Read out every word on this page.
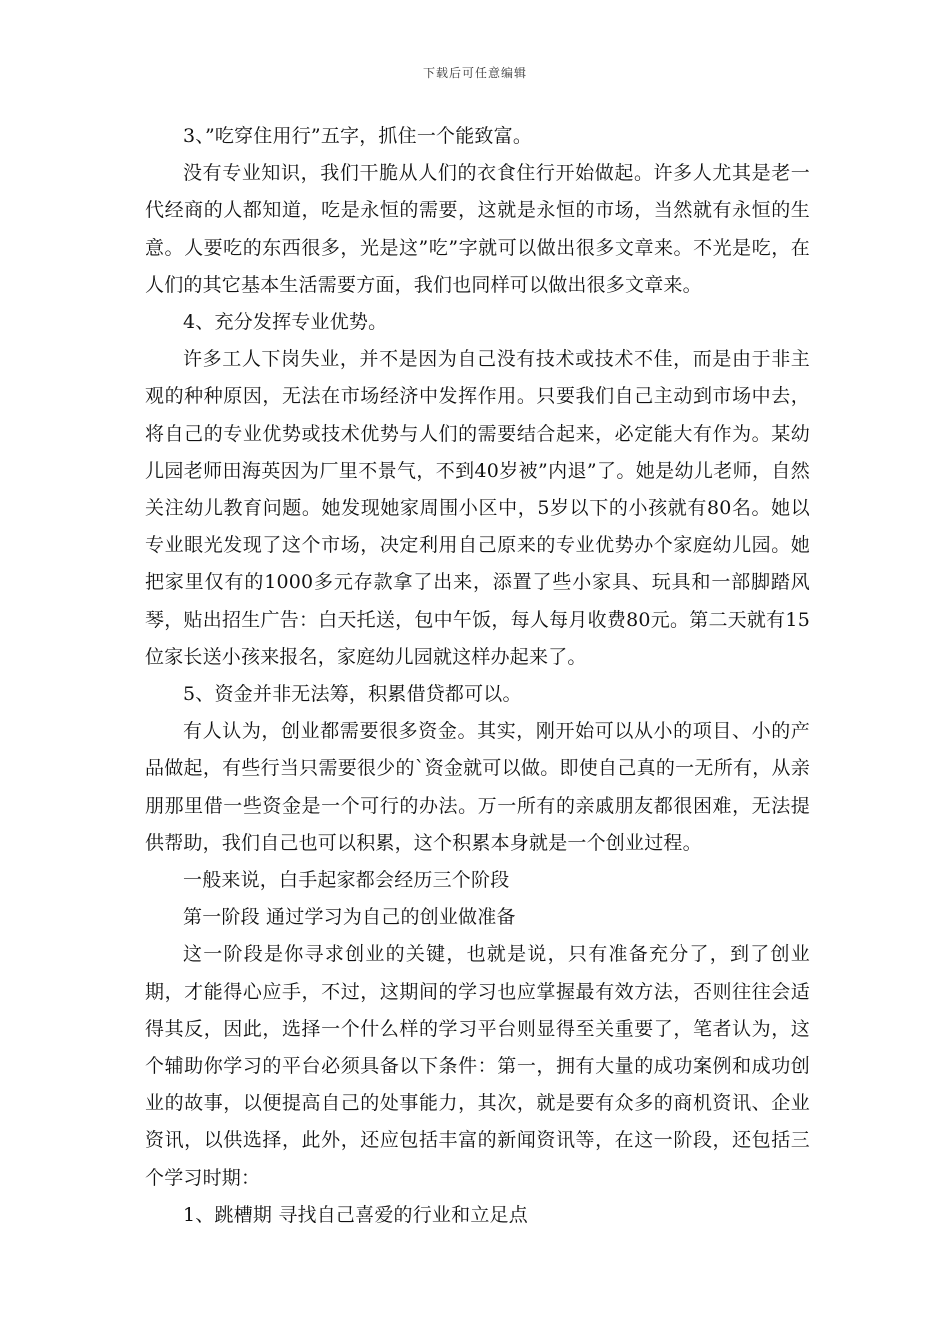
下载后可任意编辑

3、”吃穿住用行”五字，抓住一个能致富。

没有专业知识，我们干脆从人们的衣食住行开始做起。许多人尤其是老一代经商的人都知道，吃是永恒的需要，这就是永恒的市场，当然就有永恒的生意。人要吃的东西很多，光是这”吃”字就可以做出很多文章来。不光是吃，在人们的其它基本生活需要方面，我们也同样可以做出很多文章来。

4、充分发挥专业优势。

许多工人下岗失业，并不是因为自己没有技术或技术不佳，而是由于非主观的种种原因，无法在市场经济中发挥作用。只要我们自己主动到市场中去，将自己的专业优势或技术优势与人们的需要结合起来，必定能大有作为。某幼儿园老师田海英因为厂里不景气，不到40岁被”内退”了。她是幼儿老师，自然关注幼儿教育问题。她发现她家周围小区中，5岁以下的小孩就有80名。她以专业眼光发现了这个市场，决定利用自己原来的专业优势办个家庭幼儿园。她把家里仅有的1000多元存款拿了出来，添置了些小家具、玩具和一部脚踏风琴，贴出招生广告：白天托送，包中午饭，每人每月收费80元。第二天就有15位家长送小孩来报名，家庭幼儿园就这样办起来了。

5、资金并非无法筹，积累借贷都可以。

有人认为，创业都需要很多资金。其实，刚开始可以从小的项目、小的产品做起，有些行当只需要很少的`资金就可以做。即使自己真的一无所有，从亲朋那里借一些资金是一个可行的办法。万一所有的亲戚朋友都很困难，无法提供帮助，我们自己也可以积累，这个积累本身就是一个创业过程。

一般来说，白手起家都会经历三个阶段

第一阶段 通过学习为自己的创业做准备

这一阶段是你寻求创业的关键，也就是说，只有准备充分了，到了创业期，才能得心应手，不过，这期间的学习也应掌握最有效方法，否则往往会适得其反，因此，选择一个什么样的学习平台则显得至关重要了，笔者认为，这个辅助你学习的平台必须具备以下条件：第一，拥有大量的成功案例和成功创业的故事，以便提高自己的处事能力，其次，就是要有众多的商机资讯、企业资讯，以供选择，此外，还应包括丰富的新闻资讯等，在这一阶段，还包括三个学习时期：

1、跳槽期 寻找自己喜爱的行业和立足点
